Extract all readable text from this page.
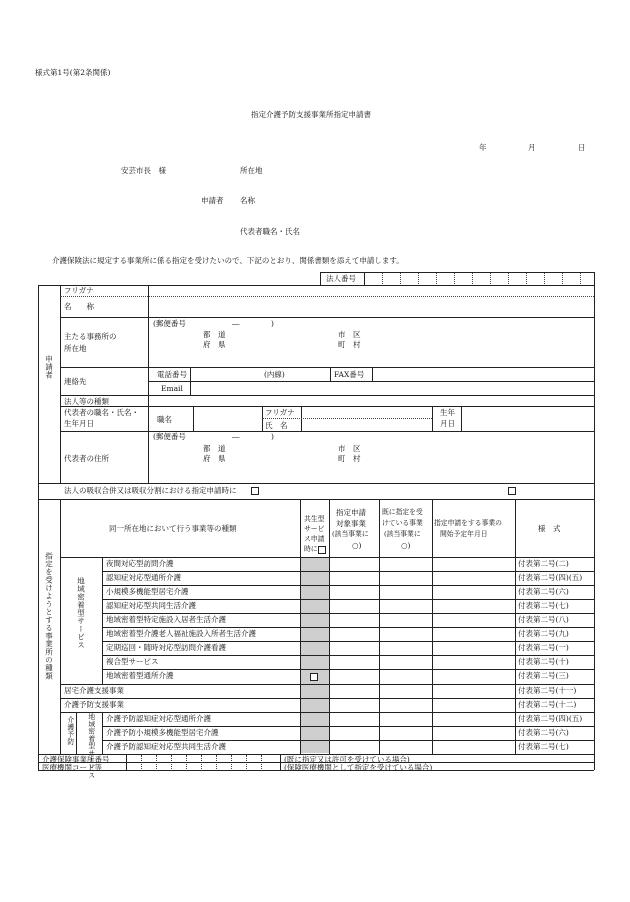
様式第1号(第2条関係)
指定介護予防支援事業所指定申請書
年	月	日
安芸市長　様	所在地
申請者 名称
代表者職名・氏名
介護保険法に規定する事業所に係る指定を受けたいので、下記のとおり、関係書類を添えて申請します。
法人番号
申請者
フリガナ
名　　称
主たる事務所の
所在地
(郵便番号	―	)
都　道
府　県
市　区
町　村
連絡先
電話番号	(内線)	FAX番号
Email
法人等の種類
代表者の職名・氏名・
生年月日	職名
フリガナ
氏　名
生年
月日
代表者の住所
(郵便番号	―	)
都　道
府　県
市　区
町　村
法人の吸収合併又は吸収分割における指定申請時に
指定を受けようとする事業所の種類
同一所在地において行う事業等の種類
共生型
サービ
ス申請
時に
指定申請
対象事業
(該当事業に
○)
既に指定を受
けている事業
(該当事業に
○)
指定申請をする事業の
開始予定年月日
様　式
地域密着型サービス
夜間対応型訪問介護	付表第二号(二)
認知症対応型通所介護	付表第二号(四)(五)
小規模多機能型居宅介護	付表第二号(六)
認知症対応型共同生活介護	付表第二号(七)
地域密着型特定施設入居者生活介護	付表第二号(八)
地域密着型介護老人福祉施設入所者生活介護	付表第二号(九)
定期巡回・随時対応型訪問介護看護	付表第二号(一)
複合型サービス	付表第二号(十)
地域密着型通所介護	付表第二号(三)
居宅介護支援事業	付表第二号(十一)
介護予防支援事業	付表第二号(十二)
介護予防 地域密着型サービス 介護予防認知症対応型通所介護	付表第二号(四)(五)
介護予防小規模多機能型居宅介護	付表第二号(六)
介護予防認知症対応型共同生活介護	付表第二号(七)
介護保険事業所番号	(既に指定又は許可を受けている場合)
医療機関コード等	(保険医療機関として指定を受けている場合)
